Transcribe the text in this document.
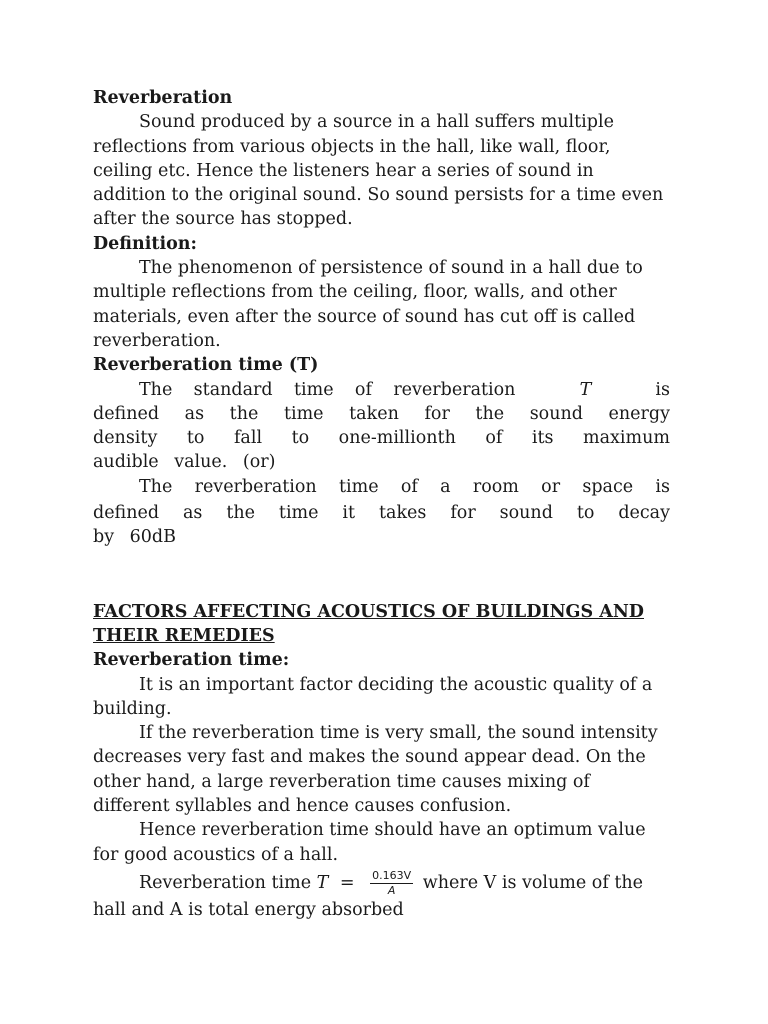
Reverberation

Sound produced by a source in a hall suffers multiple reflections from various objects in the hall, like wall, floor, ceiling etc. Hence the listeners hear a series of sound in addition to the original sound. So sound persists for a time even after the source has stopped.

Definition:

The phenomenon of persistence of sound in a hall due to multiple reflections from the ceiling, floor, walls, and other materials, even after the source of sound has cut off is called reverberation.

Reverberation time (T)

The standard time of reverberation	T	is
defined as the time taken for the sound energy
density to fall to one-millionth of its maximum
audible value. (or)
The reverberation time of a room or space is
defined as the time it takes for sound to decay
by 60dB

FACTORS AFFECTING ACOUSTICS OF BUILDINGS AND THEIR REMEDIES

Reverberation time:

It is an important factor deciding the acoustic quality of a building.

If the reverberation time is very small, the sound intensity decreases very fast and makes the sound appear dead. On the other hand, a large reverberation time causes mixing of different syllables and hence causes confusion.

Hence reverberation time should have an optimum value for good acoustics of a hall.

Reverberation time $T = \frac{0.163V}{A}$ where V is volume of the
hall and A is total energy absorbed
